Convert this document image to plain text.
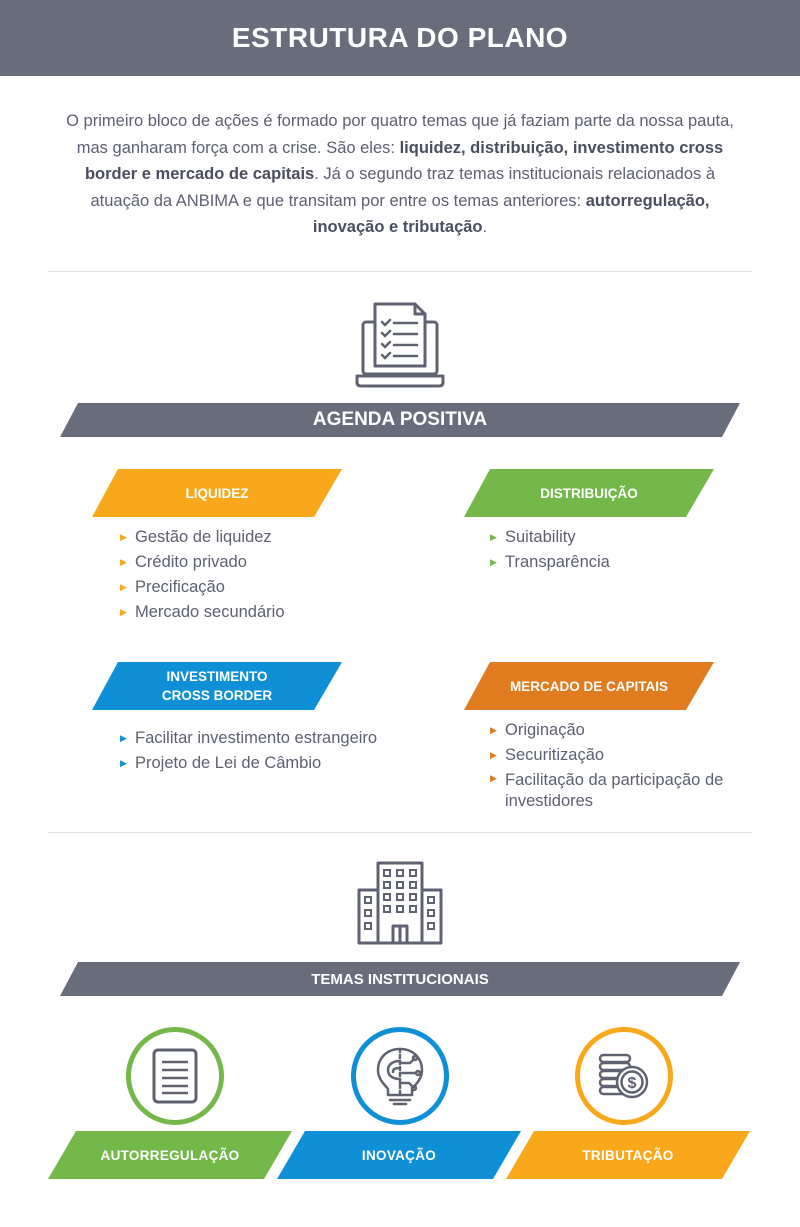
ESTRUTURA DO PLANO

O primeiro bloco de ações é formado por quatro temas que já faziam parte da nossa pauta, mas ganharam força com a crise. São eles: liquidez, distribuição, investimento cross border e mercado de capitais. Já o segundo traz temas institucionais relacionados à atuação da ANBIMA e que transitam por entre os temas anteriores: autorregulação, inovação e tributação.

AGENDA POSITIVA
LIQUIDEZ
▶ Gestão de liquidez
▶ Crédito privado
▶ Precificação
▶ Mercado secundário
DISTRIBUIÇÃO
▶ Suitability
▶ Transparência
INVESTIMENTO
CROSS BORDER
▶ Facilitar investimento estrangeiro
▶ Projeto de Lei de Câmbio
MERCADO DE CAPITAIS
▶ Originação
▶ Securitização
▶ Facilitação da participação de investidores
TEMAS INSTITUCIONAIS
$
AUTORREGULAÇÃO	INOVAÇÃO	TRIBUTAÇÃO
